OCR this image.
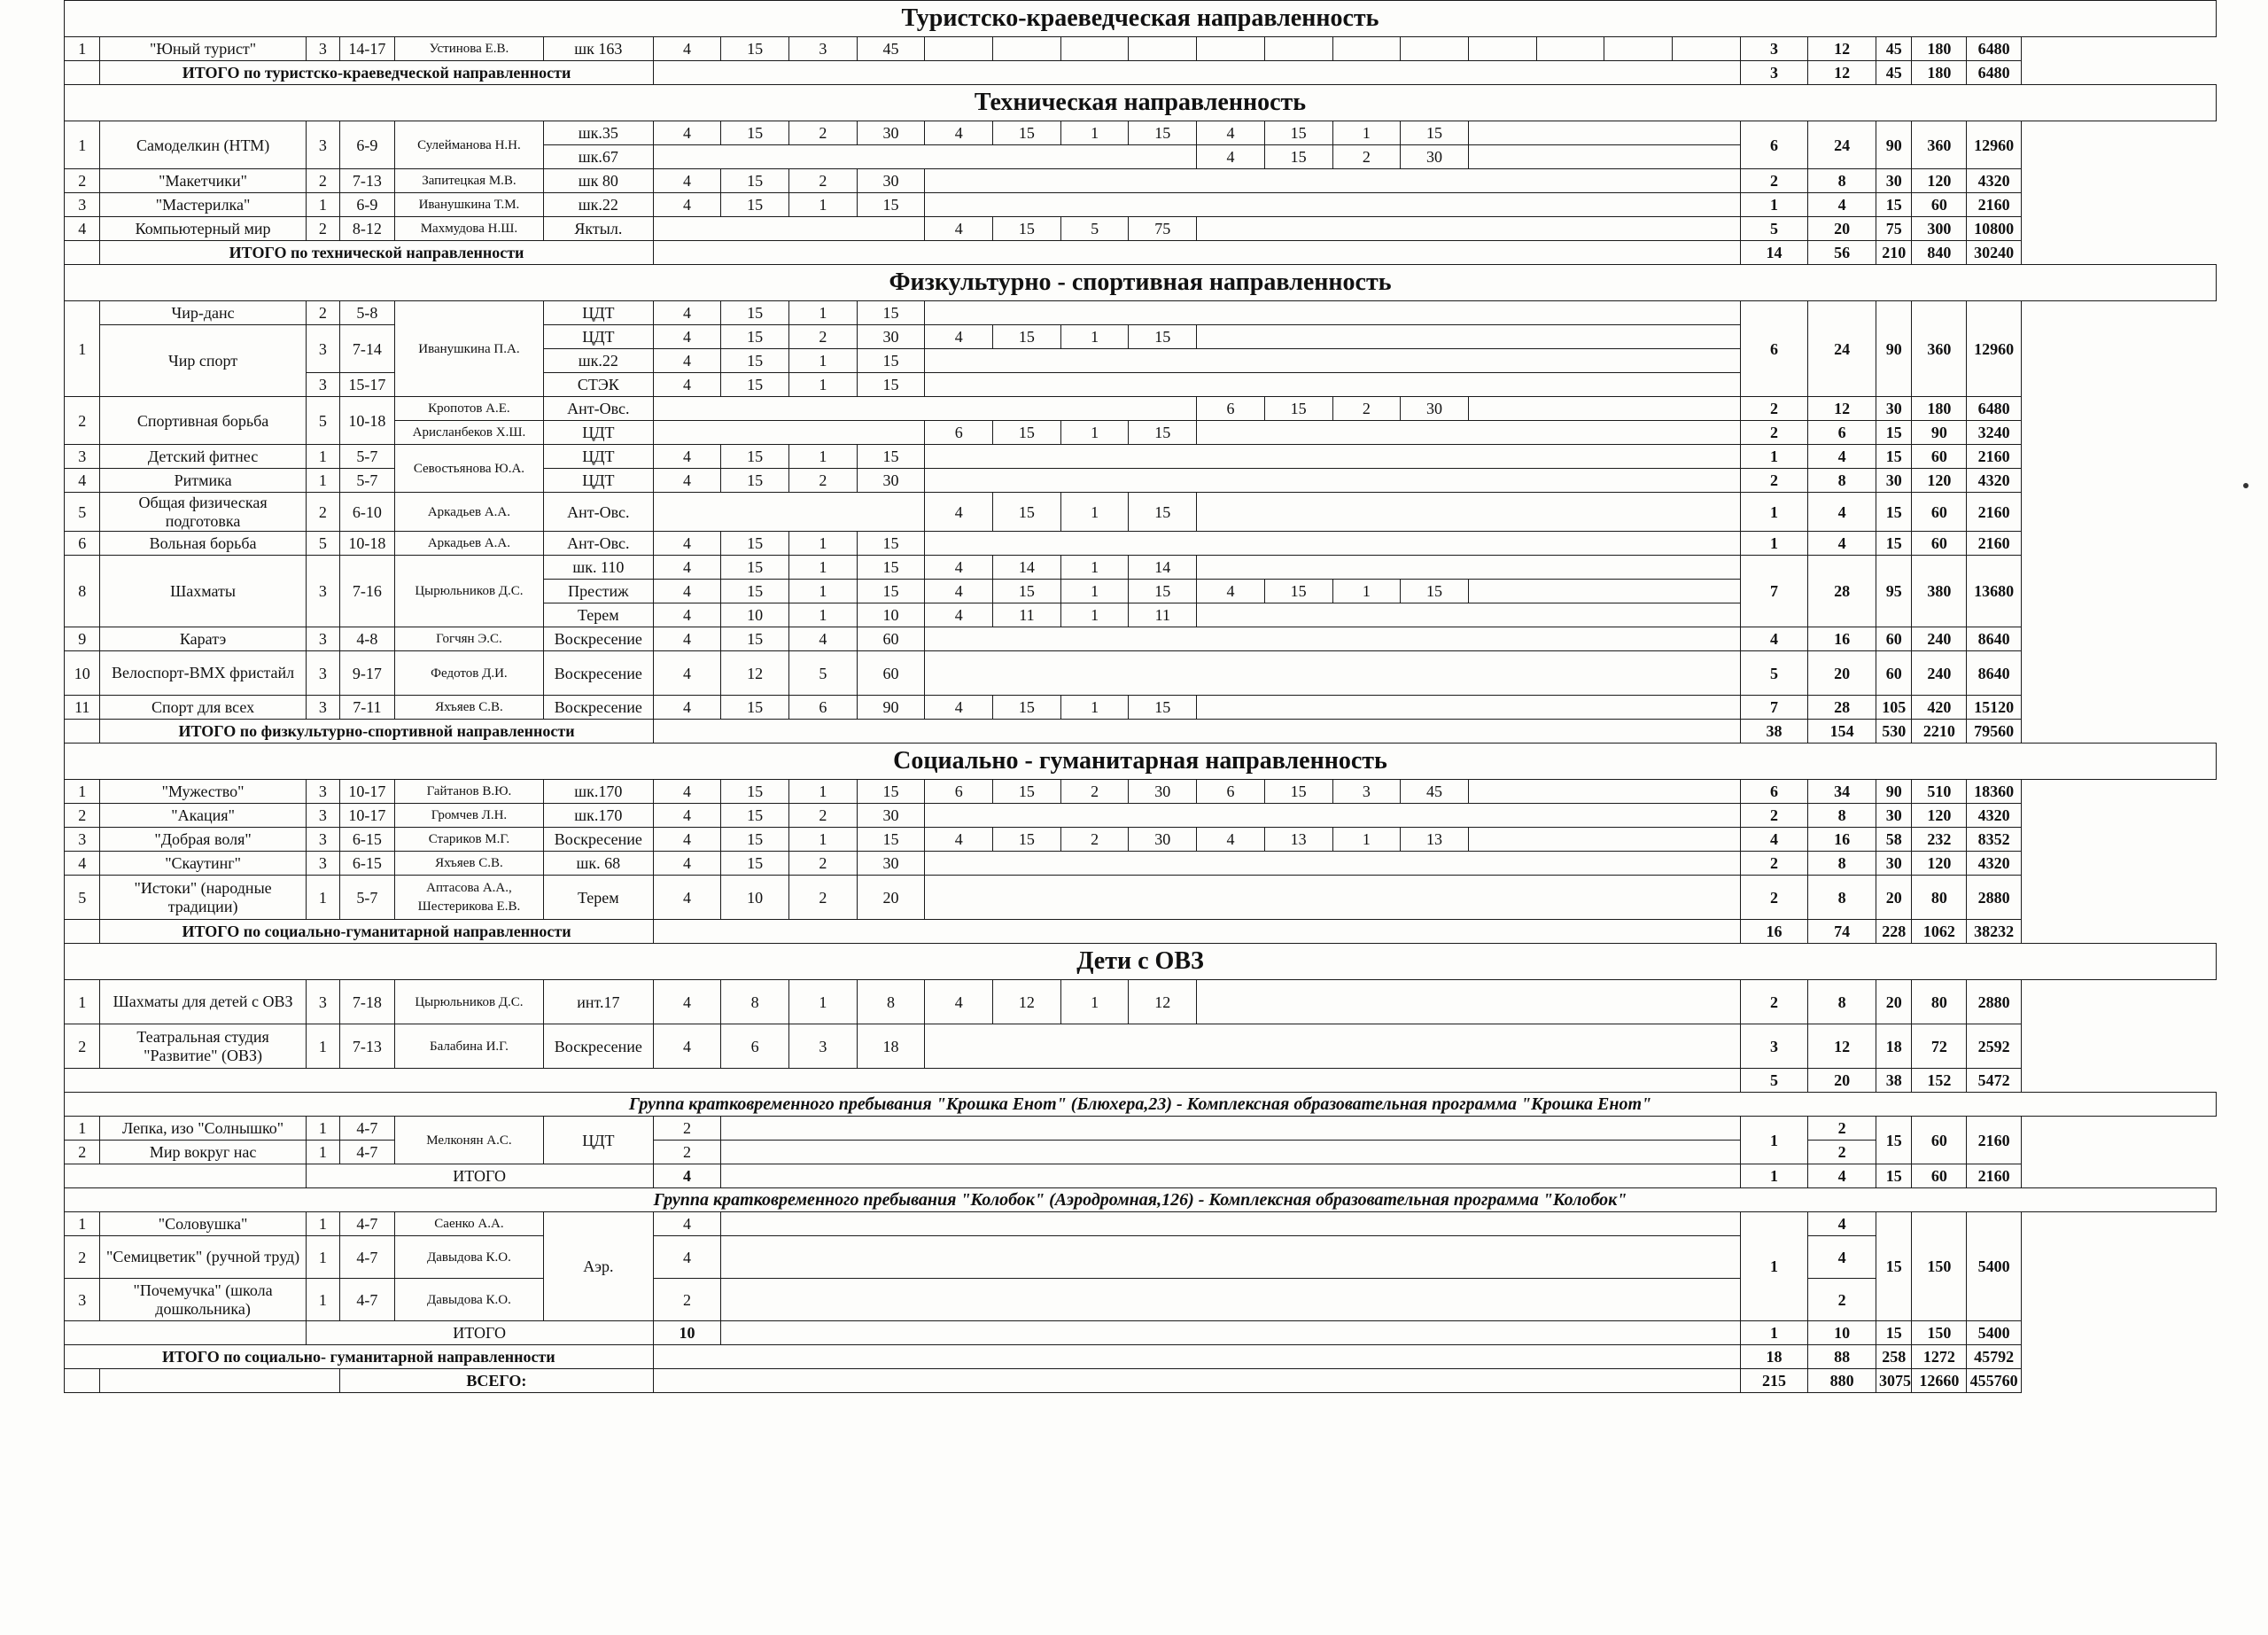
Туристско-краеведческая направленность																										
1	"Юный турист"	3	14-17	Устинова Е.В.	шк 163	4	15	3	45													3	12	45	180	6480
	ИТОГО по туристско-краеведческой направленности																					3	12	45	180	6480
Техническая направленность																										
1	Самоделкин (НТМ)	3	6-9	Сулейманова Н.Н.	шк.35	4	15	2	30	4	15	1	15	4	15	1	15					6	24	90	360	12960
					шк.67									4	15	2	30									
2	"Макетчики"	2	7-13	Запитецкая М.В.	шк 80	4	15	2	30													2	8	30	120	4320
3	"Мастерилка"	1	6-9	Иванушкина Т.М.	шк.22	4	15	1	15													1	4	15	60	2160
4	Компьютерный мир	2	8-12	Махмудова Н.Ш.	Яктыл.					4	15	5	75									5	20	75	300	10800
	ИТОГО по технической направленности																					14	56	210	840	30240
Физкультурно - спортивная направленность																										
1	Чир-данс	2	5-8	Иванушкина П.А.	ЦДТ	4	15	1	15													6	24	90	360	12960
	Чир спорт	3	7-14		ЦДТ	4	15	2	30	4	15	1	15													
					шк.22	4	15	1	15																	
		3	15-17		СТЭК	4	15	1	15																	
2	Спортивная борьба	5	10-18	Кропотов А.Е.	Ант-Овс.									6	15	2	30					2	12	30	180	6480
				Арисланбеков Х.Ш.	ЦДТ					6	15	1	15									2	6	15	90	3240
3	Детский фитнес	1	5-7	Севостьянова Ю.А.	ЦДТ	4	15	1	15													1	4	15	60	2160
4	Ритмика	1	5-7		ЦДТ	4	15	2	30													2	8	30	120	4320
5	Общая физическая подготовка	2	6-10	Аркадьев А.А.	Ант-Овс.					4	15	1	15									1	4	15	60	2160
6	Вольная борьба	5	10-18	Аркадьев А.А.	Ант-Овс.	4	15	1	15													1	4	15	60	2160
8	Шахматы	3	7-16	Цырюльников Д.С.	шк. 110	4	15	1	15	4	14	1	14									7	28	95	380	13680
					Престиж	4	15	1	15	4	15	1	15	4	15	1	15									
					Терем	4	10	1	10	4	11	1	11													
9	Каратэ	3	4-8	Гогчян Э.С.	Воскресение	4	15	4	60													4	16	60	240	8640
10	Велоспорт-ВМХ фристайл	3	9-17	Федотов Д.И.	Воскресение	4	12	5	60													5	20	60	240	8640
11	Спорт для всех	3	7-11	Яхъяев С.В.	Воскресение	4	15	6	90	4	15	1	15									7	28	105	420	15120
	ИТОГО по физкультурно-спортивной направленности																					38	154	530	2210	79560
Социально - гуманитарная направленность																										
1	"Мужество"	3	10-17	Гайтанов В.Ю.	шк.170	4	15	1	15	6	15	2	30	6	15	3	45					6	34	90	510	18360
2	"Акация"	3	10-17	Громчев Л.Н.	шк.170	4	15	2	30													2	8	30	120	4320
3	"Добрая воля"	3	6-15	Стариков М.Г.	Воскресение	4	15	1	15	4	15	2	30	4	13	1	13					4	16	58	232	8352
4	"Скаутинг"	3	6-15	Яхъяев С.В.	шк. 68	4	15	2	30													2	8	30	120	4320
5	"Истоки" (народные традиции)	1	5-7	Аптасова А.А., Шестерикова Е.В.	Терем	4	10	2	20													2	8	20	80	2880
	ИТОГО по социально-гуманитарной направленности																					16	74	228	1062	38232
Дети с ОВЗ																										
1	Шахматы для детей с ОВЗ	3	7-18	Цырюльников Д.С.	инт.17	4	8	1	8	4	12	1	12									2	8	20	80	2880
2	Театральная студия "Развитие" (ОВЗ)	1	7-13	Балабина И.Г.	Воскресение	4	6	3	18													3	12	18	72	2592
																						5	20	38	152	5472
Группа кратковременного пребывания "Крошка Енот" (Блюхера,23) - Комплексная образовательная программа "Крошка Енот"																										
1	Лепка, изо "Солнышко"	1	4-7	Мелконян А.С.	ЦДТ	2																1	2	15	60	2160
2	Мир вокруг нас	1	4-7			2																	2			
		ИТОГО				4																1	4	15	60	2160
Группа кратковременного пребывания "Колобок" (Аэродромная,126) - Комплексная образовательная программа "Колобок"																										
1	"Соловушка"	1	4-7	Саенко А.А.	Аэр.	4																1	4	15	150	5400
2	"Семицветик" (ручной труд)	1	4-7	Давыдова К.О.		4																	4			
3	"Почемучка" (школа дошкольника)	1	4-7	Давыдова К.О.		2																	2			
		ИТОГО				10																1	10	15	150	5400
ИТОГО по социально- гуманитарной направленности																						18	88	258	1272	45792
			ВСЕГО:																			215	880	3075	12660	455760
